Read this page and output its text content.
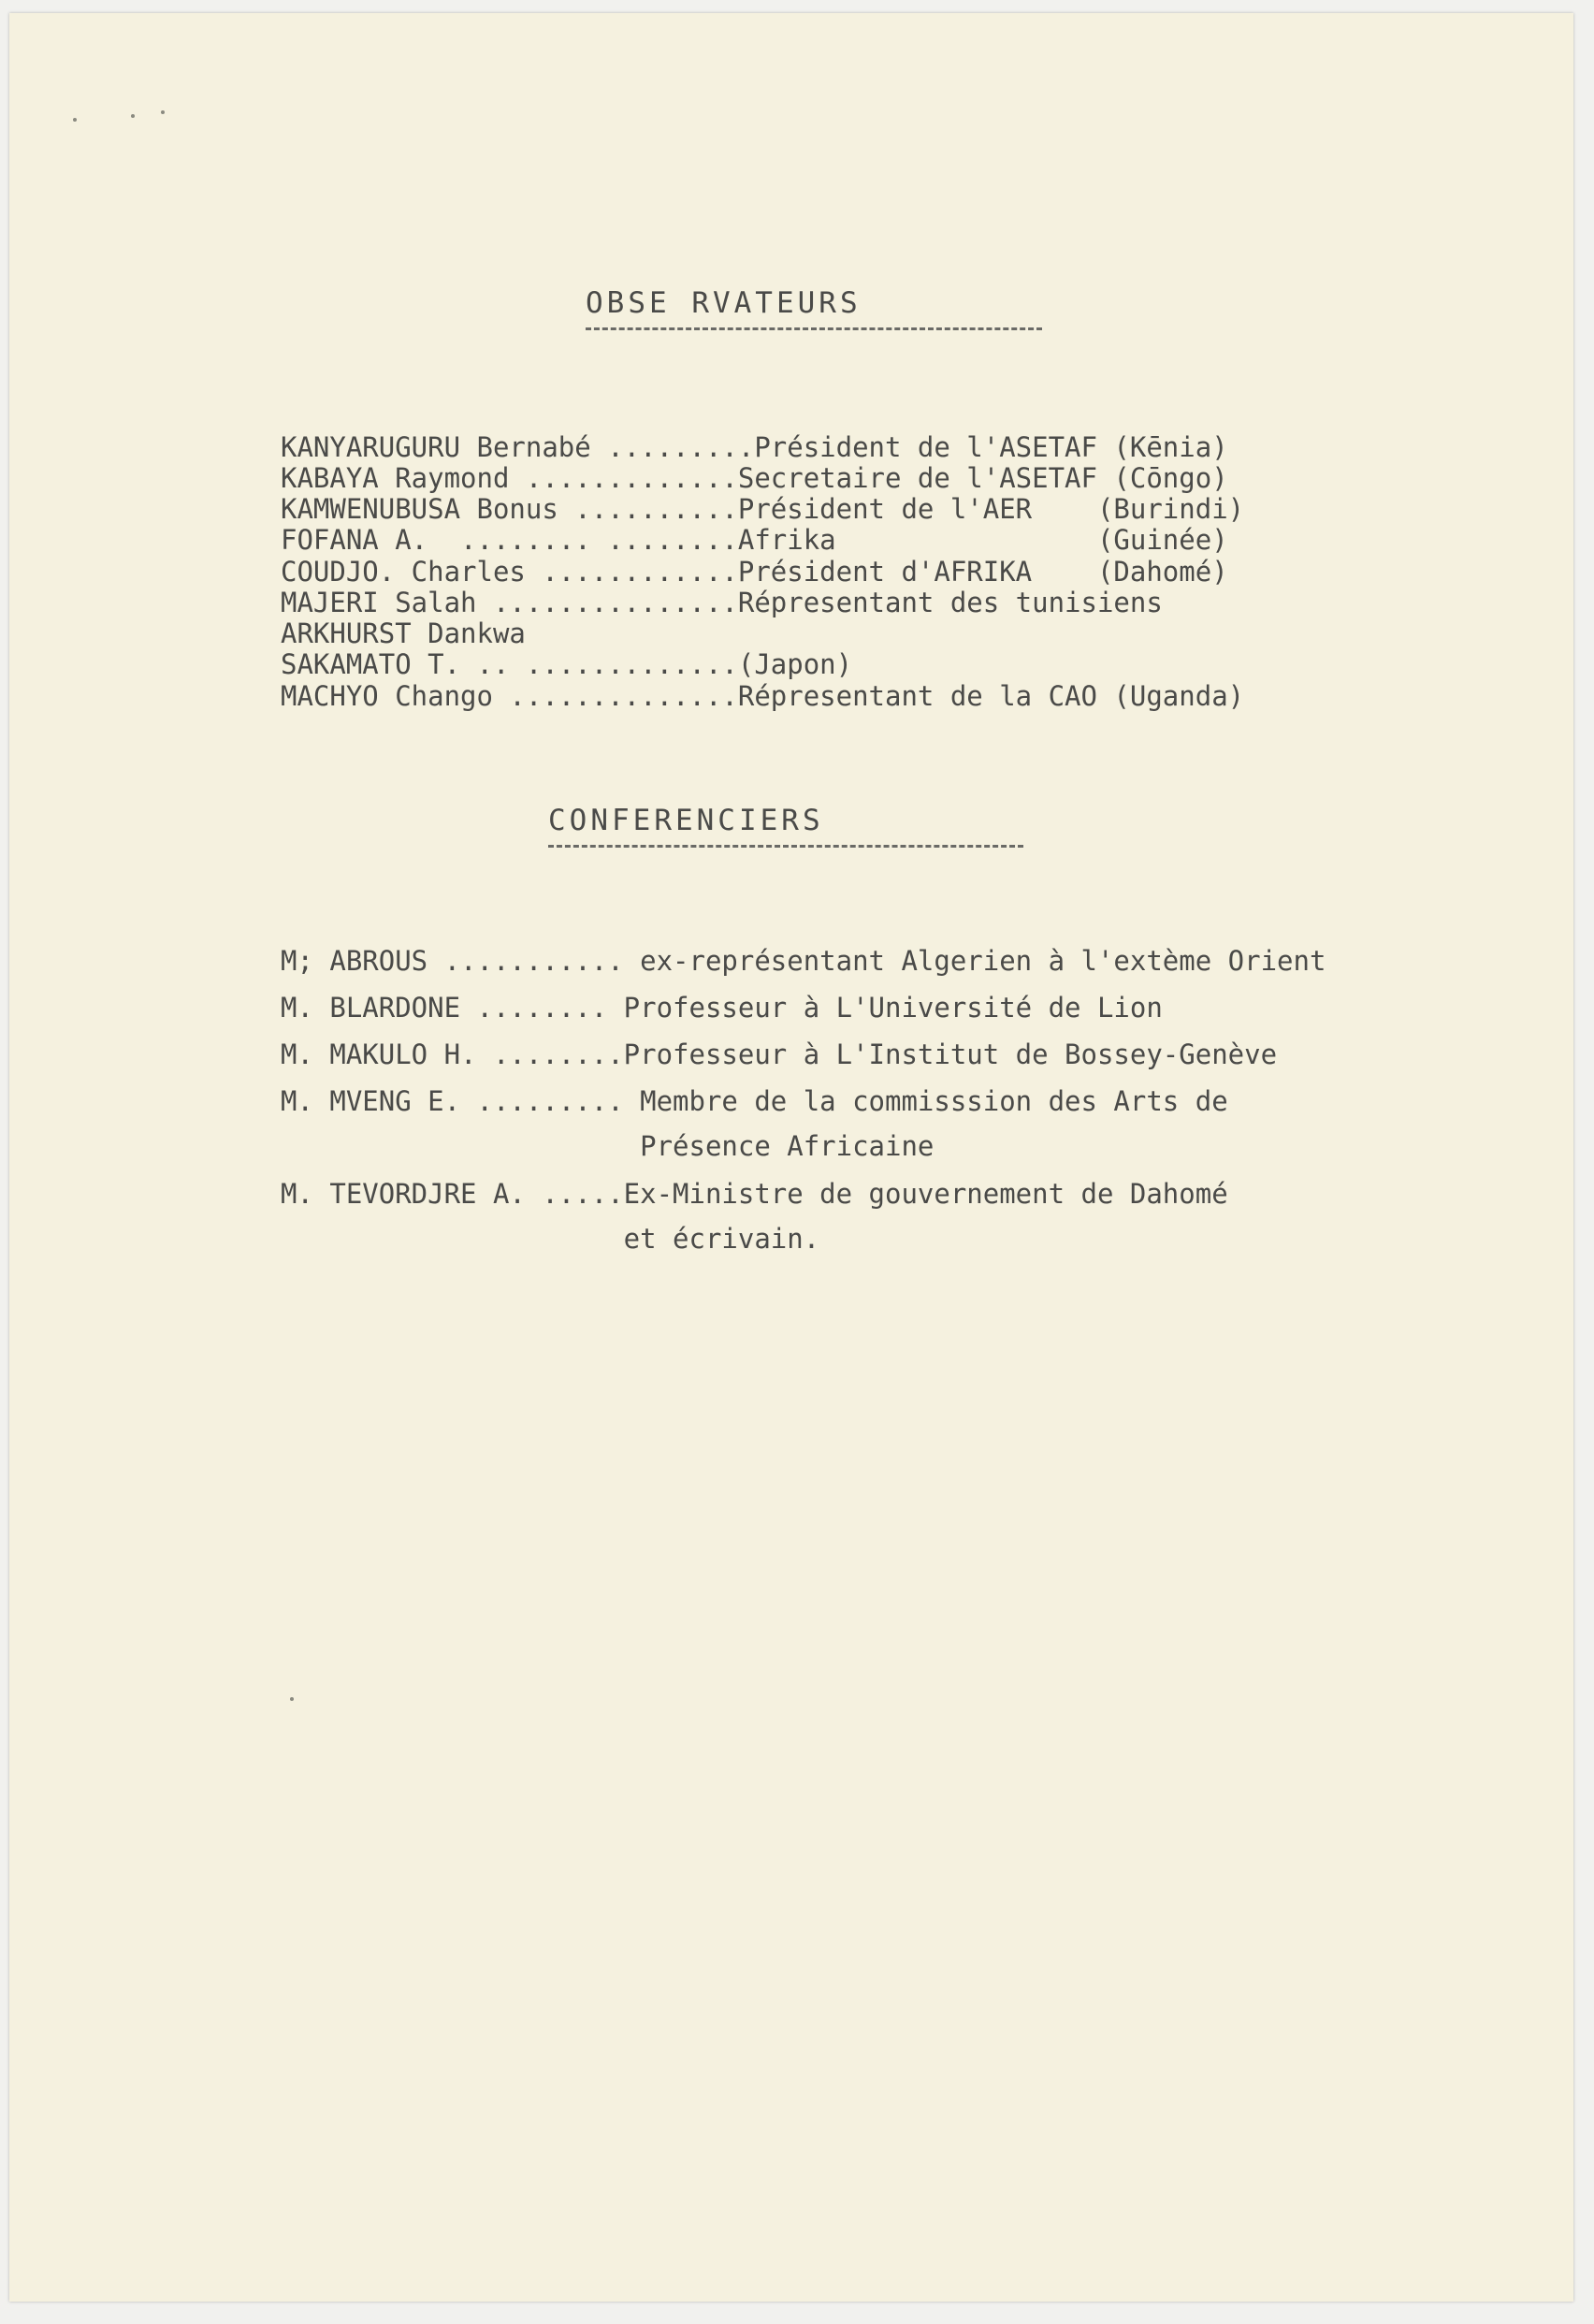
OBSE RVATEURS
KANYARUGURU Bernabé .........Président de l'ASETAF (Kēnia)
KABAYA Raymond .............Secretaire de l'ASETAF (Cōngo)
KAMWENUBUSA Bonus ..........Président de l'AER    (Burindi)
FOFANA A.  ........ ........Afrika                (Guinée)
COUDJO. Charles ............Président d'AFRIKA    (Dahomé)
MAJERI Salah ...............Répresentant des tunisiens
ARKHURST Dankwa
SAKAMATO T. .. .............(Japon)
MACHYO Chango ..............Répresentant de la CAO (Uganda)
CONFERENCIERS
M; ABROUS ........... ex-représentant Algerien à l'extème Orient
M. BLARDONE ........ Professeur à L'Université de Lion
M. MAKULO H. ........Professeur à L'Institut de Bossey-Genève
M. MVENG E. ......... Membre de la commisssion des Arts de
Présence Africaine
M. TEVORDJRE A. .....Ex-Ministre de gouvernement de Dahomé
et écrivain.
